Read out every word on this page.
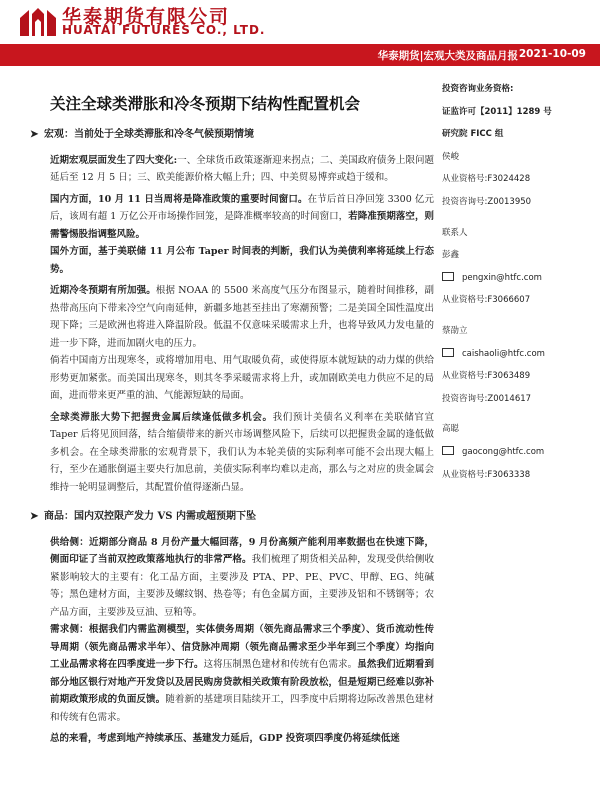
华泰期货有限公司
HUATAI FUTURES CO., LTD.
华泰期货|宏观大类及商品月报 2021-10-09
关注全球类滞胀和冷冬预期下结构性配置机会
➤ 宏观：当前处于全球类滞胀和冷冬气候预期情境

近期宏观层面发生了四大变化:一、全球货币政策逐渐迎来拐点；二、美国政府债务上限问题延后至 12 月 5 日；三、欧美能源价格大幅上升；四、中美贸易博弈或趋于缓和。

国内方面，10 月 11 日当周将是降准政策的重要时间窗口。在节后首日净回笼 3300 亿元后，该周有超 1 万亿公开市场操作回笼，是降准概率较高的时间窗口，若降准预期落空，则需警惕股指调整风险。

国外方面，基于美联储 11 月公布 Taper 时间表的判断，我们认为美债利率将延续上行态势。

近期冷冬预期有所加强。根据 NOAA 的 5500 米高度气压分布图显示，随着时间推移，副热带高压向下带来冷空气向南延伸，新疆多地甚至挂出了寒潮预警；二是美国全国性温度出现下降；三是欧洲也将进入降温阶段。低温不仅意味采暖需求上升，也将导致风力发电量的进一步下降，进而加剧火电的压力。

倘若中国南方出现寒冬，或将增加用电、用气取暖负荷，或使得原本就短缺的动力煤的供给形势更加紧张。而美国出现寒冬，则其冬季采暖需求将上升，或加剧欧美电力供应不足的局面，进而带来更严重的油、气能源短缺的局面。

全球类滞胀大势下把握贵金属后续逢低做多机会。我们预计美债名义利率在美联储官宣 Taper 后将见顶回落，结合缩债带来的新兴市场调整风险下，后续可以把握贵金属的逢低做多机会。在全球类滞胀的宏观背景下，我们认为本轮美债的实际利率可能不会出现大幅上行，至少在通胀倒逼主要央行加息前，美债实际利率均难以走高，那么与之对应的贵金属会维持一轮明显调整后，其配置价值得逐渐凸显。

➤ 商品：国内双控限产发力 VS 内需或超预期下坠

供给侧：近期部分商品 8 月份产量大幅回落，9 月份高频产能利用率数据也在快速下降，侧面印证了当前双控政策落地执行的非常严格。我们梳理了期货相关品种，发现受供给侧收紧影响较大的主要有：化工品方面，主要涉及 PTA、PP、PE、PVC、甲醇、EG、纯碱等；黑色建材方面，主要涉及螺纹钢、热卷等；有色金属方面，主要涉及铝和不锈钢等；农产品方面，主要涉及豆油、豆粕等。

需求侧：根据我们内需监测模型，实体债务周期（领先商品需求三个季度）、货币流动性传导周期（领先商品需求半年）、信贷脉冲周期（领先商品需求至少半年到三个季度）均指向工业品需求将在四季度进一步下行。这将压制黑色建材和传统有色需求。虽然我们近期看到部分地区银行对地产开发贷以及居民购房贷款相关政策有阶段放松，但是短期已经难以弥补前期政策形成的负面反馈。随着新的基建项目陆续开工，四季度中后期将边际改善黑色建材和传统有色需求。

总的来看，考虑到地产持续承压、基建发力延后，GDP 投资项四季度仍将延续低迷

投资咨询业务资格:
证监许可【2011】1289 号
研究院 FICC 组
侯峻
从业资格号:F3024428
投资咨询号:Z0013950
联系人
彭鑫
pengxin@htfc.com
从业资格号:F3066607
蔡劭立
caishaoli@htfc.com
从业资格号:F3063489
投资咨询号:Z0014617
高聪
gaocong@htfc.com
从业资格号:F3063338
